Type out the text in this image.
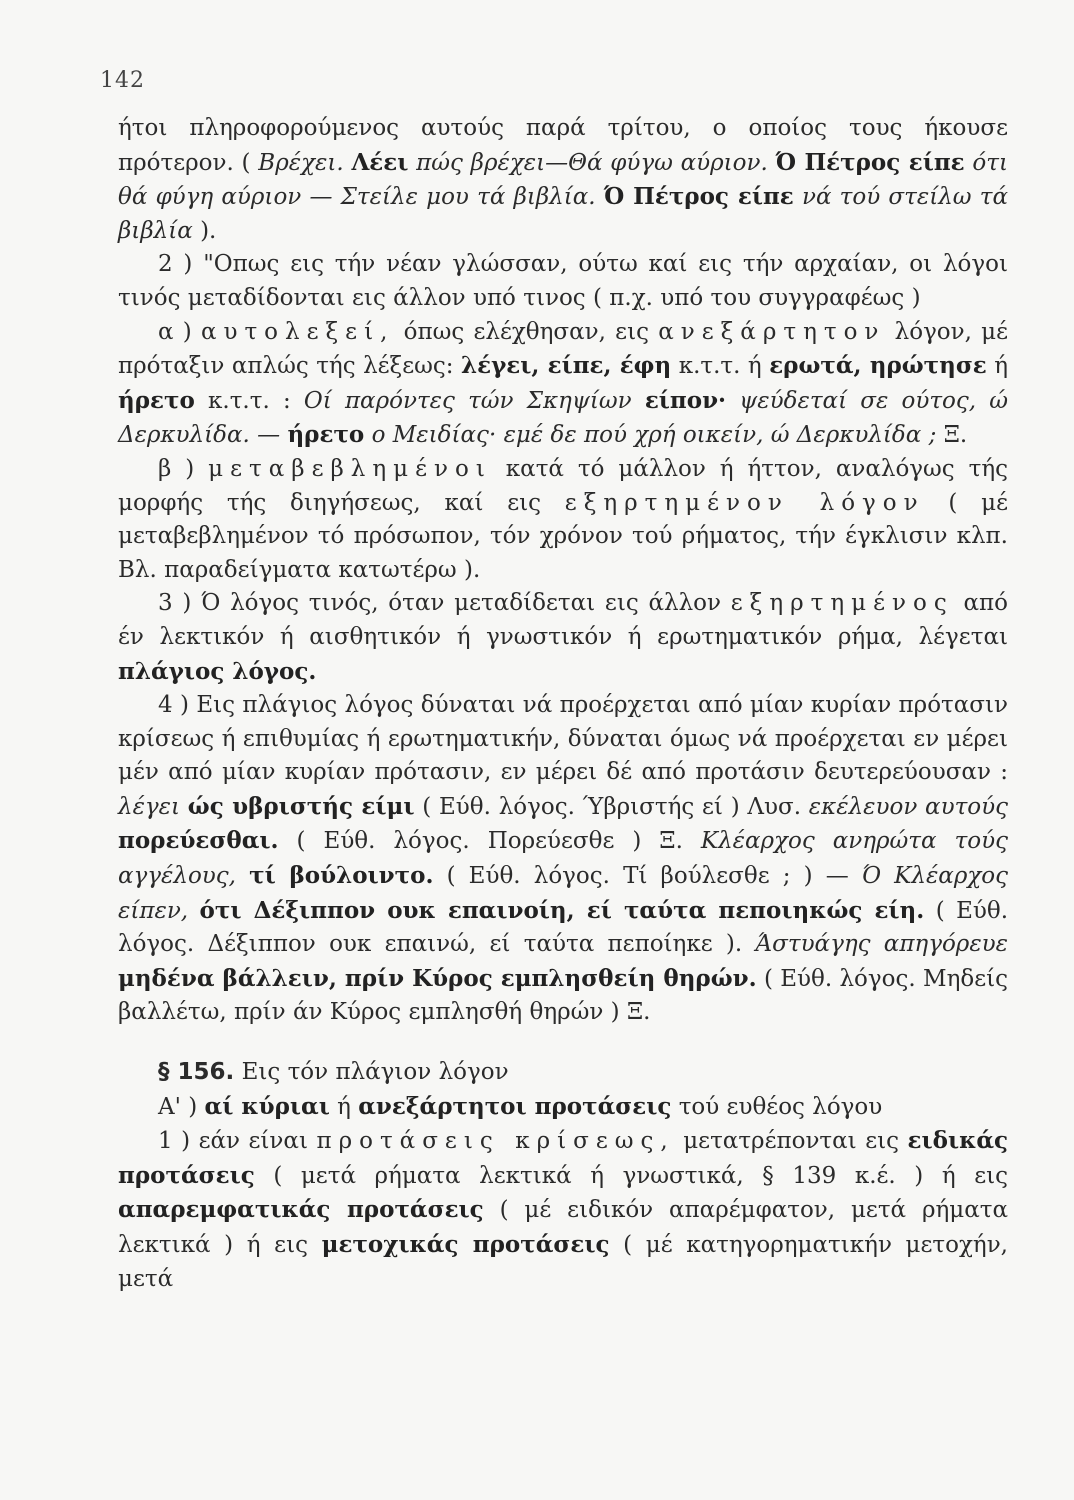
142

ήτοι πληροφορούμενος αυτούς παρά τρίτου, ο οποίος τους ήκουσε πρότερον. ( Βρέχει. Λέει πώς βρέχει—Θά φύγω αύριον. Ό Πέτρος είπε ότι θά φύγη αύριον — Στείλε μου τά βιβλία. Ό Πέτρος είπε νά τού στείλω τά βιβλία ).

2 ) "Οπως εις τήν νέαν γλώσσαν, ούτω καί εις τήν αρχαίαν, οι λόγοι τινός μεταδίδονται εις άλλον υπό τινος ( π.χ. υπό του συγγραφέως )

α ) αυτολεξεί, όπως ελέχθησαν, εις ανεξάρτητον λόγον, μέ πρόταξιν απλώς τής λέξεως: λέγει, είπε, έφη κ.τ.τ. ή ερωτά, ηρώτησε ή ήρετο κ.τ.τ. : Οί παρόντες τών Σκηψίων είπον· ψεύδεταί σε ούτος, ώ Δερκυλίδα. — ήρετο ο Μειδίας· εμέ δε πού χρή οικείν, ώ Δερκυλίδα ; Ξ.

β ) μεταβεβλημένοι κατά τό μάλλον ή ήττον, αναλόγως τής μορφής τής διηγήσεως, καί εις εξηρτημένον λόγον ( μέ μεταβεβλημένον τό πρόσωπον, τόν χρόνον τού ρήματος, τήν έγκλισιν κλπ. Βλ. παραδείγματα κατωτέρω ).

3 ) Ό λόγος τινός, όταν μεταδίδεται εις άλλον εξηρτημένος από έν λεκτικόν ή αισθητικόν ή γνωστικόν ή ερωτηματικόν ρήμα, λέγεται πλάγιος λόγος.

4 ) Εις πλάγιος λόγος δύναται νά προέρχεται από μίαν κυρίαν πρότασιν κρίσεως ή επιθυμίας ή ερωτηματικήν, δύναται όμως νά προέρχεται εν μέρει μέν από μίαν κυρίαν πρότασιν, εν μέρει δέ από προτάσιν δευτερεύουσαν : λέγει ώς υβριστής είμι ( Εύθ. λόγος. Ύβριστής εί ) Λυσ. εκέλευον αυτούς πορεύεσθαι. ( Εύθ. λόγος. Πορεύεσθε ) Ξ. Κλέαρχος ανηρώτα τούς αγγέλους, τί βούλοιντο. ( Εύθ. λόγος. Τί βούλεσθε ; ) — Ό Κλέαρχος είπεν, ότι Δέξιππον ουκ επαινοίη, εί ταύτα πεποιηκώς είη. ( Εύθ. λόγος. Δέξιππον ουκ επαινώ, εί ταύτα πεποίηκε ). Άστυάγης απηγόρευε μηδένα βάλλειν, πρίν Κύρος εμπλησθείη θηρών. ( Εύθ. λόγος. Μηδείς βαλλέτω, πρίν άν Κύρος εμπλησθή θηρών ) Ξ.

§ 156. Εις τόν πλάγιον λόγον

Α' ) αί κύριαι ή ανεξάρτητοι προτάσεις τού ευθέος λόγου

1 ) εάν είναι προτάσεις κρίσεως, μετατρέπονται εις ειδικάς προτάσεις ( μετά ρήματα λεκτικά ή γνωστικά, § 139 κ.έ. ) ή εις απαρεμφατικάς προτάσεις ( μέ ειδικόν απαρέμφατον, μετά ρήματα λεκτικά ) ή εις μετοχικάς προτάσεις ( μέ κατηγορηματικήν μετοχήν, μετά
